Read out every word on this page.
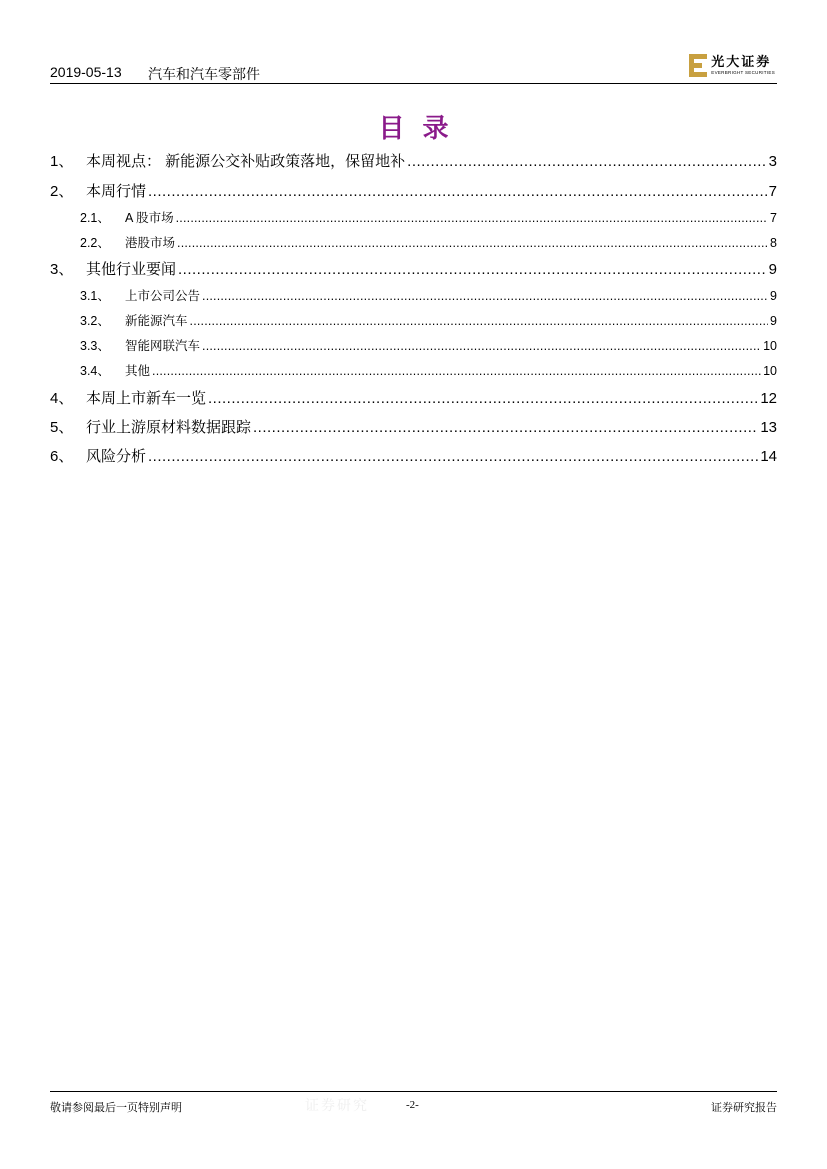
2019-05-13 汽车和汽车零部件
光大证券
EVERBRIGHT SECURITIES
目录
1、 本周视点： 新能源公交补贴政策落地，保留地补 .....	3
2、 本周行情 .....	7
2.1、	A 股市场 .....	7
2.2、	港股市场 .....	8
3、 其他行业要闻 .....	9
3.1、	上市公司公告 .....	9
3.2、	新能源汽车 .....	9
3.3、	智能网联汽车 .....	10
3.4、	其他 .....	10
4、 本周上市新车一览 .....	12
5、 行业上游原材料数据跟踪 .....	13
6、 风险分析 .....	14
敬请参阅最后一页特别声明	证券研究	-2-	证券研究报告
